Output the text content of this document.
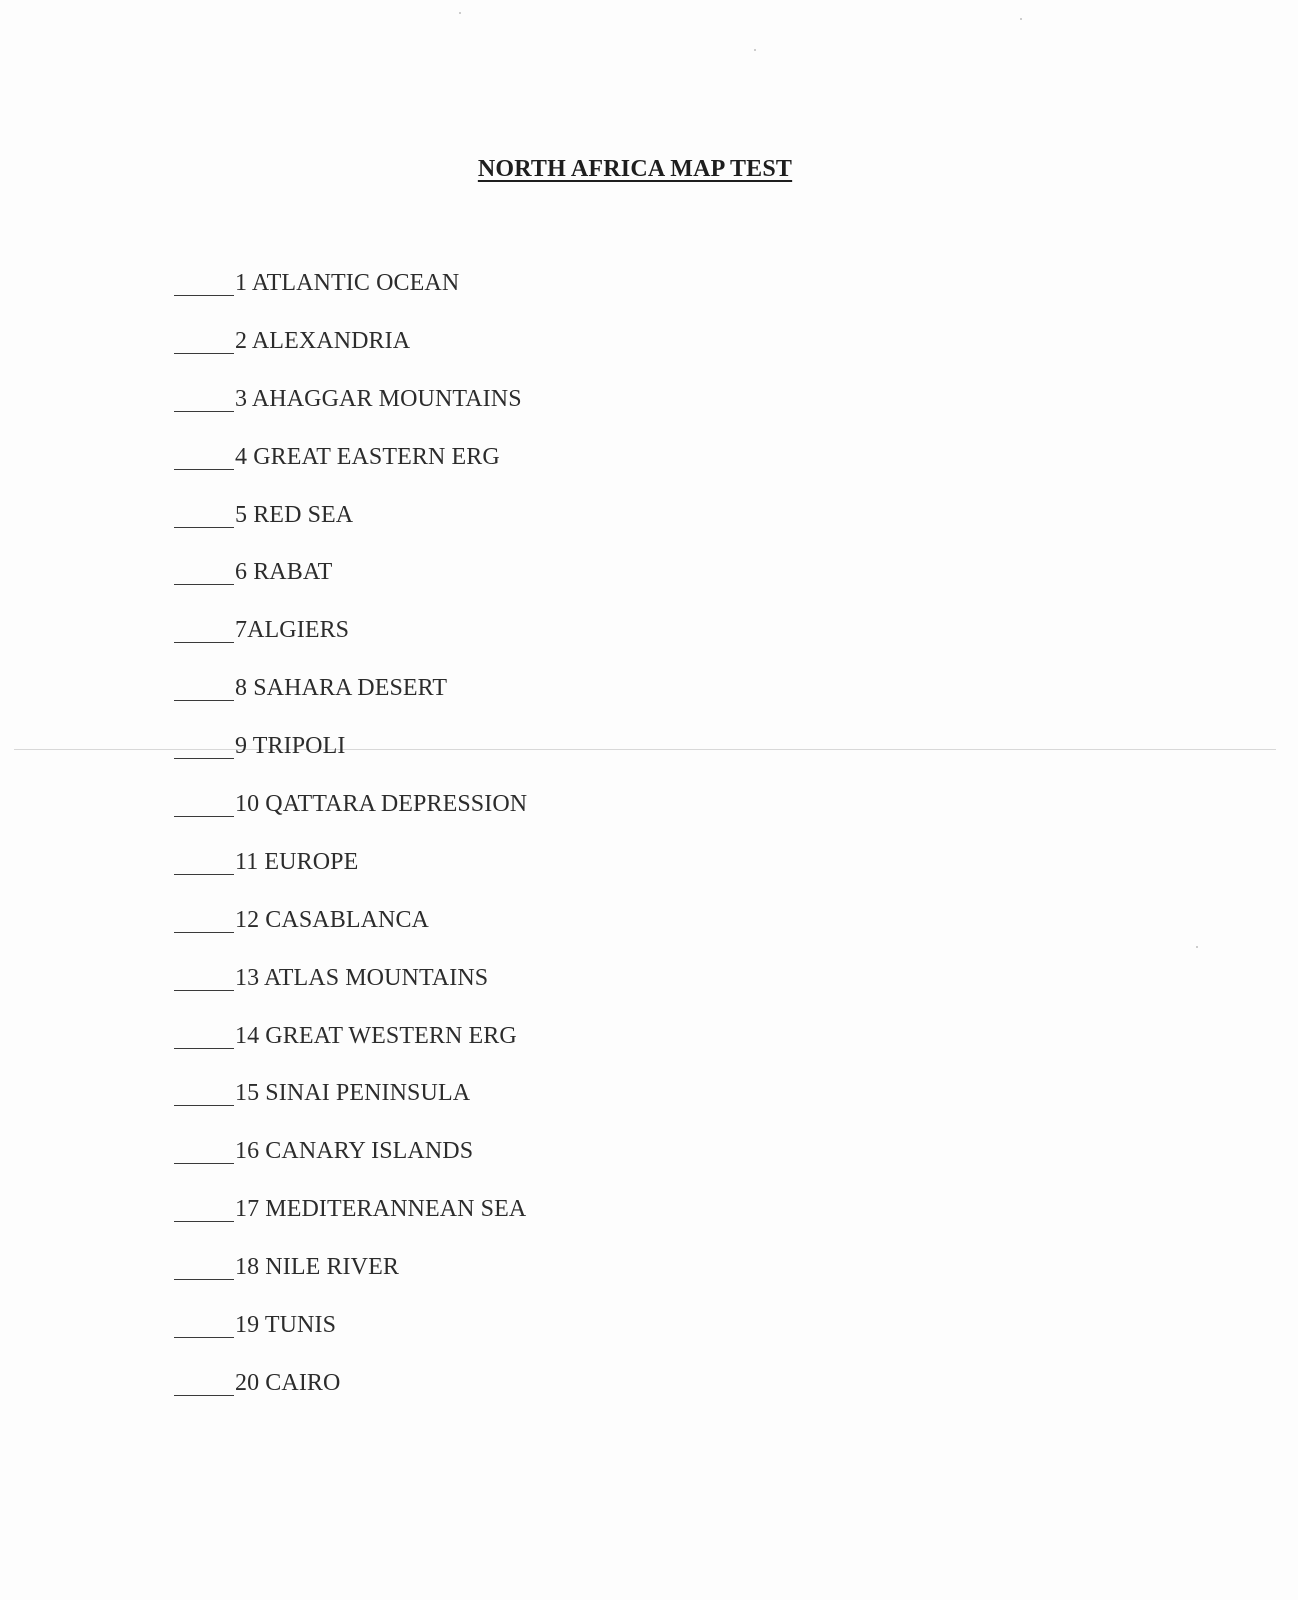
NORTH AFRICA MAP TEST
1 ATLANTIC OCEAN
2 ALEXANDRIA
3 AHAGGAR MOUNTAINS
4 GREAT EASTERN ERG
5 RED SEA
6 RABAT
7ALGIERS
8 SAHARA DESERT
9 TRIPOLI
10 QATTARA DEPRESSION
11 EUROPE
12 CASABLANCA
13 ATLAS MOUNTAINS
14 GREAT WESTERN ERG
15 SINAI PENINSULA
16 CANARY ISLANDS
17 MEDITERANNEAN SEA
18 NILE RIVER
19 TUNIS
20 CAIRO
